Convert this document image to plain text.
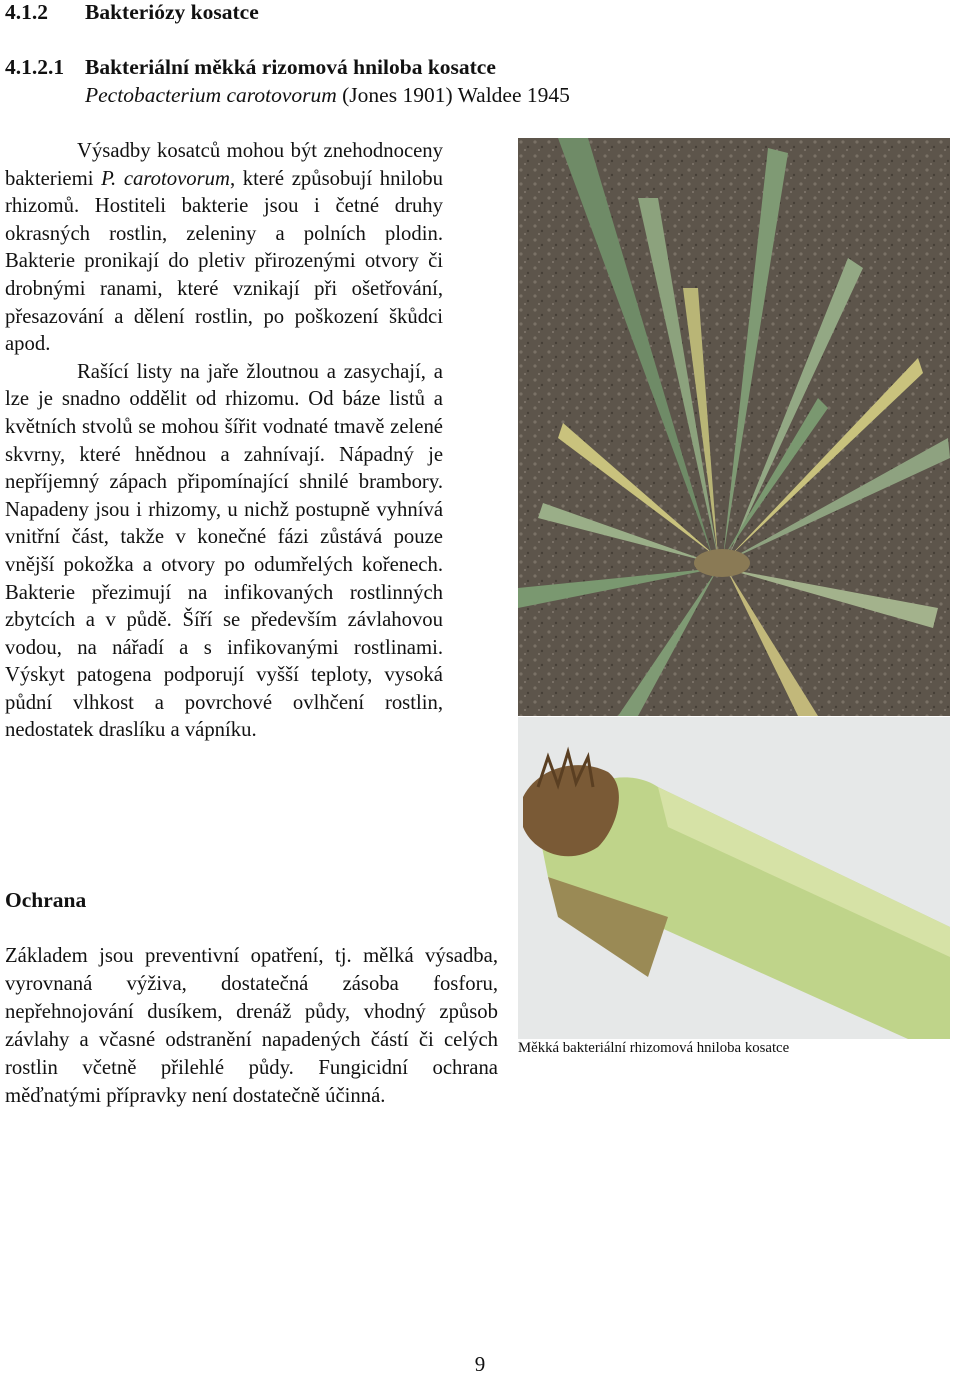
4.1.2 Bakteriózy kosatce
4.1.2.1 Bakteriální měkká rizomová hniloba kosatce
Pectobacterium carotovorum (Jones 1901) Waldee 1945

Výsadby kosatců mohou být znehodnoceny bakteriemi P. carotovorum, které způsobují hnilobu rhizomů. Hostiteli bakterie jsou i četné druhy okrasných rostlin, zeleniny a polních plodin. Bakterie pronikají do pletiv přirozenými otvory či drobnými ranami, které vznikají při ošetřování, přesazování a dělení rostlin, po poškození škůdci apod.

Rašící listy na jaře žloutnou a zasychají, a lze je snadno oddělit od rhizomu. Od báze listů a květních stvolů se mohou šířit vodnaté tmavě zelené skvrny, které hnědnou a zahnívají. Nápadný je nepříjemný zápach připomínající shnilé brambory. Napadeny jsou i rhizomy, u nichž postupně vyhnívá vnitřní část, takže v konečné fázi zůstává pouze vnější pokožka a otvory po odumřelých kořenech. Bakterie přezimují na infikovaných rostlinných zbytcích a v půdě. Šíří se především závlahovou vodou, na nářadí a s infikovanými rostlinami. Výskyt patogena podporují vyšší teploty, vysoká půdní vlhkost a povrchové ovlhčení rostlin, nedostatek draslíku a vápníku.

Měkká bakteriální rhizomová hniloba kosatce
Ochrana

Základem jsou preventivní opatření, tj. mělká výsadba, vyrovnaná výživa, dostatečná zásoba fosforu, nepřehnojování dusíkem, drenáž půdy, vhodný způsob závlahy a včasné odstranění napadených částí či celých rostlin včetně přilehlé půdy. Fungicidní ochrana měďnatými přípravky není dostatečně účinná.

9
